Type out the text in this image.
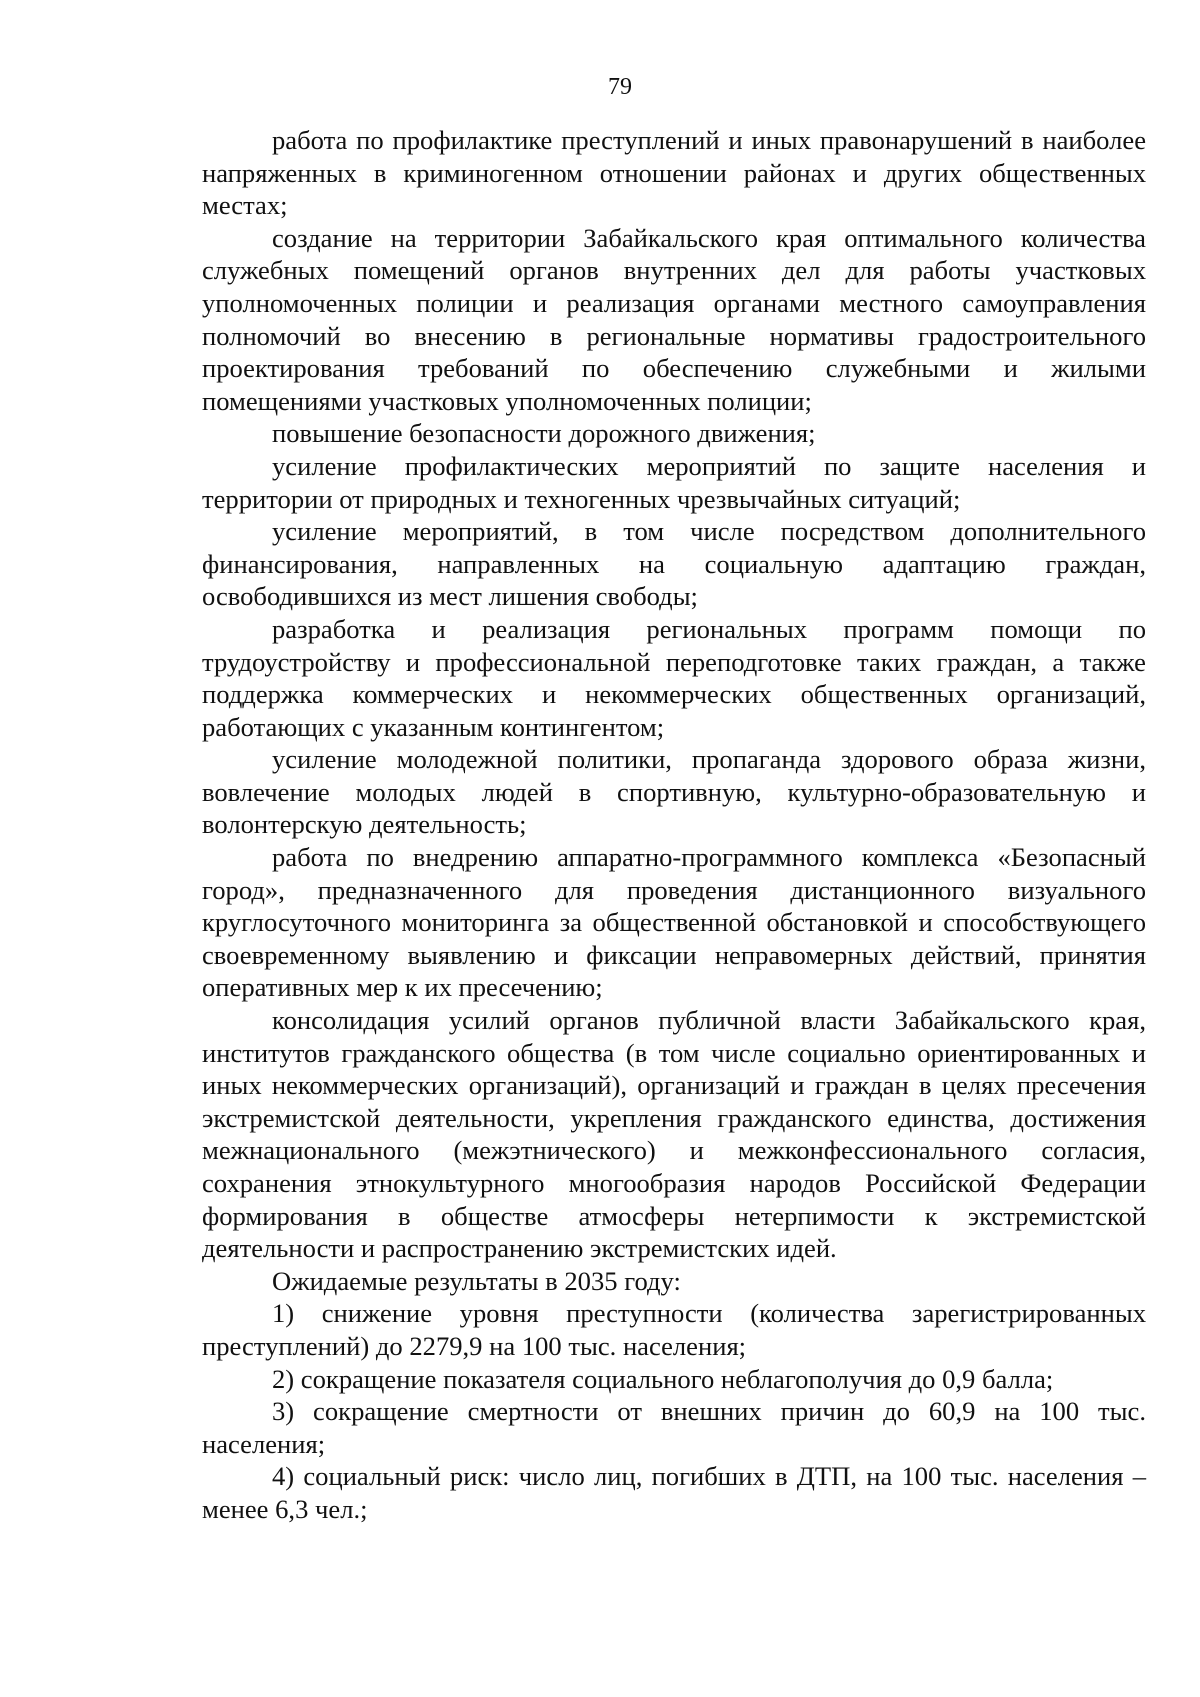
79

работа по профилактике преступлений и иных правонарушений в наиболее напряженных в криминогенном отношении районах и других общественных местах;

создание на территории Забайкальского края оптимального количества служебных помещений органов внутренних дел для работы участковых уполномоченных полиции и реализация органами местного самоуправления полномочий во внесению в региональные нормативы градостроительного проектирования требований по обеспечению служебными и жилыми помещениями участковых уполномоченных полиции;

повышение безопасности дорожного движения;

усиление профилактических мероприятий по защите населения и территории от природных и техногенных чрезвычайных ситуаций;

усиление мероприятий, в том числе посредством дополнительного финансирования, направленных на социальную адаптацию граждан, освободившихся из мест лишения свободы;

разработка и реализация региональных программ помощи по трудоустройству и профессиональной переподготовке таких граждан, а также поддержка коммерческих и некоммерческих общественных организаций, работающих с указанным контингентом;

усиление молодежной политики, пропаганда здорового образа жизни, вовлечение молодых людей в спортивную, культурно-образовательную и волонтерскую деятельность;

работа по внедрению аппаратно-программного комплекса «Безопасный город», предназначенного для проведения дистанционного визуального круглосуточного мониторинга за общественной обстановкой и способствующего своевременному выявлению и фиксации неправомерных действий, принятия оперативных мер к их пресечению;

консолидация усилий органов публичной власти Забайкальского края, институтов гражданского общества (в том числе социально ориентированных и иных некоммерческих организаций), организаций и граждан в целях пресечения экстремистской деятельности, укрепления гражданского единства, достижения межнационального (межэтнического) и межконфессионального согласия, сохранения этнокультурного многообразия народов Российской Федерации формирования в обществе атмосферы нетерпимости к экстремистской деятельности и распространению экстремистских идей.

Ожидаемые результаты в 2035 году:

1) снижение уровня преступности (количества зарегистрированных преступлений) до 2279,9 на 100 тыс. населения;

2) сокращение показателя социального неблагополучия до 0,9 балла;

3) сокращение смертности от внешних причин до 60,9 на 100 тыс. населения;

4) социальный риск: число лиц, погибших в ДТП, на 100 тыс. населения – менее 6,3 чел.;
